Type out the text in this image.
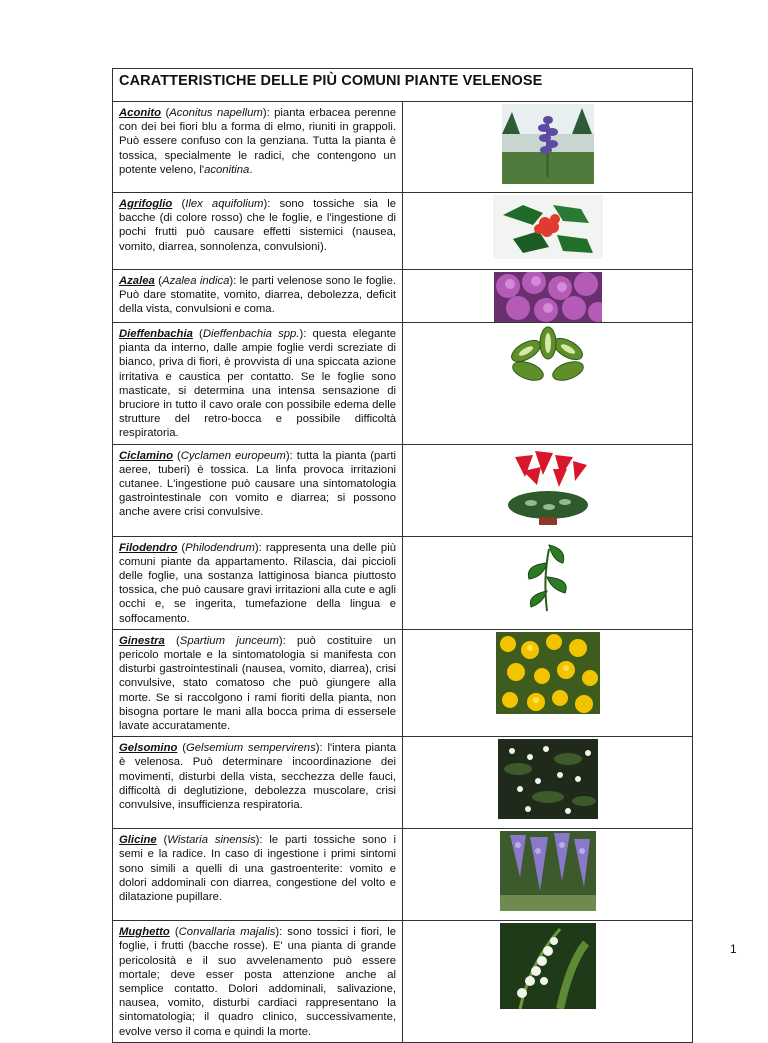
CARATTERISTICHE DELLE PIÙ COMUNI PIANTE VELENOSE	
Aconito (Aconitus napellum): pianta erbacea perenne con dei bei fiori blu a forma di elmo, riuniti in grappoli. Può essere confuso con la genziana. Tutta la pianta è tossica, specialmente le radici, che contengono un potente veleno, l'aconitina.	

Agrifoglio (Ilex aquifolium): sono tossiche sia le bacche (di colore rosso) che le foglie, e l'ingestione di pochi frutti può causare effetti sistemici (nausea, vomito, diarrea, sonnolenza, convulsioni).	

Azalea (Azalea indica): le parti velenose sono le foglie. Può dare stomatite, vomito, diarrea, debolezza, deficit della vista, convulsioni e coma.	

Dieffenbachia (Dieffenbachia spp.): questa elegante pianta da interno, dalle ampie foglie verdi screziate di bianco, priva di fiori, è provvista di una spiccata azione irritativa e caustica per contatto. Se le foglie sono masticate, si determina una intensa sensazione di bruciore in tutto il cavo orale con possibile edema delle strutture del retro-bocca e possibile difficoltà respiratoria.	

Ciclamino (Cyclamen europeum): tutta la pianta (parti aeree, tuberi) è tossica. La linfa provoca irritazioni cutanee. L'ingestione può causare una sintomatologia gastrointestinale con vomito e diarrea; si possono anche avere crisi convulsive.	

Filodendro (Philodendrum): rappresenta una delle più comuni piante da appartamento. Rilascia, dai piccioli delle foglie, una sostanza lattiginosa bianca piuttosto tossica, che può causare gravi irritazioni alla cute e agli occhi e, se ingerita, tumefazione della lingua e soffocamento.	

Ginestra (Spartium junceum): può costituire un pericolo mortale e la sintomatologia si manifesta con disturbi gastrointestinali (nausea, vomito, diarrea), crisi convulsive, stato comatoso che può giungere alla morte. Se si raccolgono i rami fioriti della pianta, non bisogna portare le mani alla bocca prima di essersele lavate accuratamente.	

Gelsomino (Gelsemium sempervirens): l'intera pianta è velenosa. Può determinare incoordinazione dei movimenti, disturbi della vista, secchezza delle fauci, difficoltà di deglutizione, debolezza muscolare, crisi convulsive, insufficienza respiratoria.	

Glicine (Wistaria sinensis): le parti tossiche sono i semi e la radice. In caso di ingestione i primi sintomi sono simili a quelli di una gastroenterite: vomito e dolori addominali con diarrea, congestione del volto e dilatazione pupillare.	

Mughetto (Convallaria majalis): sono tossici i fiori, le foglie, i frutti (bacche rosse). E' una pianta di grande pericolosità e il suo avvelenamento può essere mortale; deve esser posta attenzione anche al semplice contatto. Dolori addominali, salivazione, nausea, vomito, disturbi cardiaci rappresentano la sintomatologia; il quadro clinico, successivamente, evolve verso il coma e quindi la morte.	
1
